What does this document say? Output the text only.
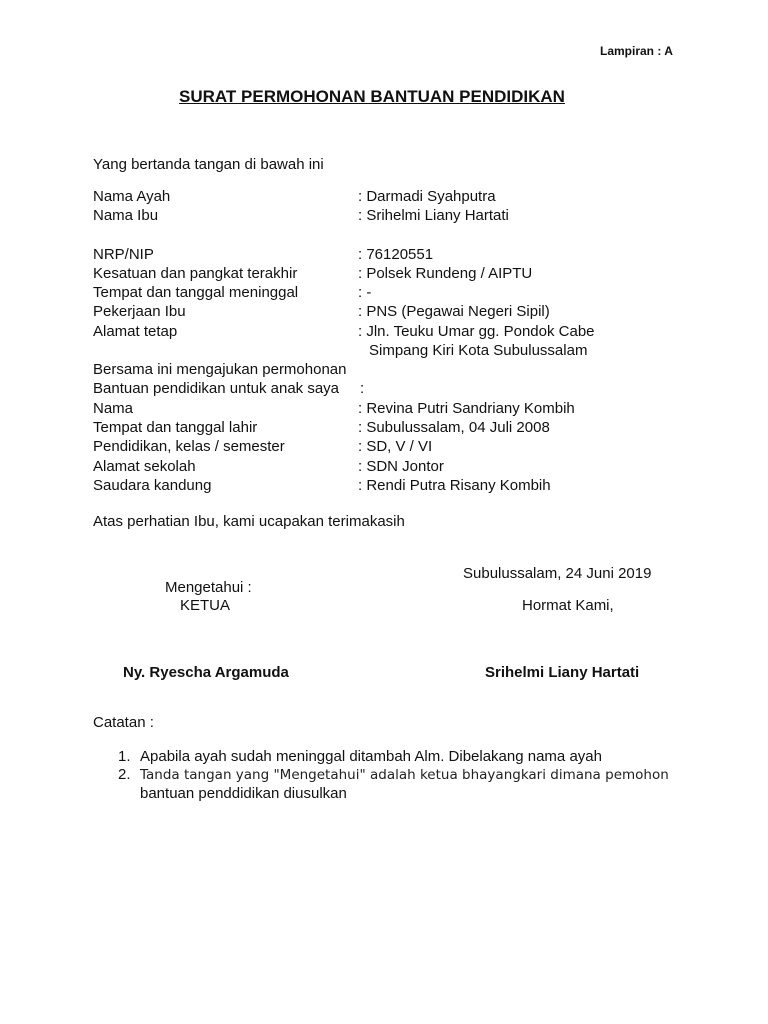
Lampiran : A
SURAT PERMOHONAN BANTUAN PENDIDIKAN
Yang bertanda tangan di bawah ini
Nama Ayah	: Darmadi Syahputra
Nama Ibu	: Srihelmi Liany Hartati
NRP/NIP	: 76120551
Kesatuan dan pangkat terakhir	: Polsek Rundeng / AIPTU
Tempat dan tanggal meninggal	: -
Pekerjaan Ibu	: PNS (Pegawai Negeri Sipil)
Alamat tetap	: Jln. Teuku Umar gg. Pondok Cabe
Simpang Kiri Kota Subulussalam
Bersama ini mengajukan permohonan
Bantuan pendidikan untuk anak saya :
Nama	: Revina Putri Sandriany Kombih
Tempat dan tanggal lahir	: Subulussalam, 04 Juli 2008
Pendidikan, kelas / semester	: SD, V / VI
Alamat sekolah	: SDN Jontor
Saudara kandung	: Rendi Putra Risany Kombih
Atas perhatian Ibu, kami ucapakan terimakasih
Subulussalam, 24 Juni 2019
Mengetahui :
KETUA	Hormat Kami,
Ny. Ryescha Argamuda	Srihelmi Liany Hartati
Catatan :
1. Apabila ayah sudah meninggal ditambah Alm. Dibelakang nama ayah
2. Tanda tangan yang "Mengetahui" adalah ketua bhayangkari dimana pemohon
bantuan penddidikan diusulkan
